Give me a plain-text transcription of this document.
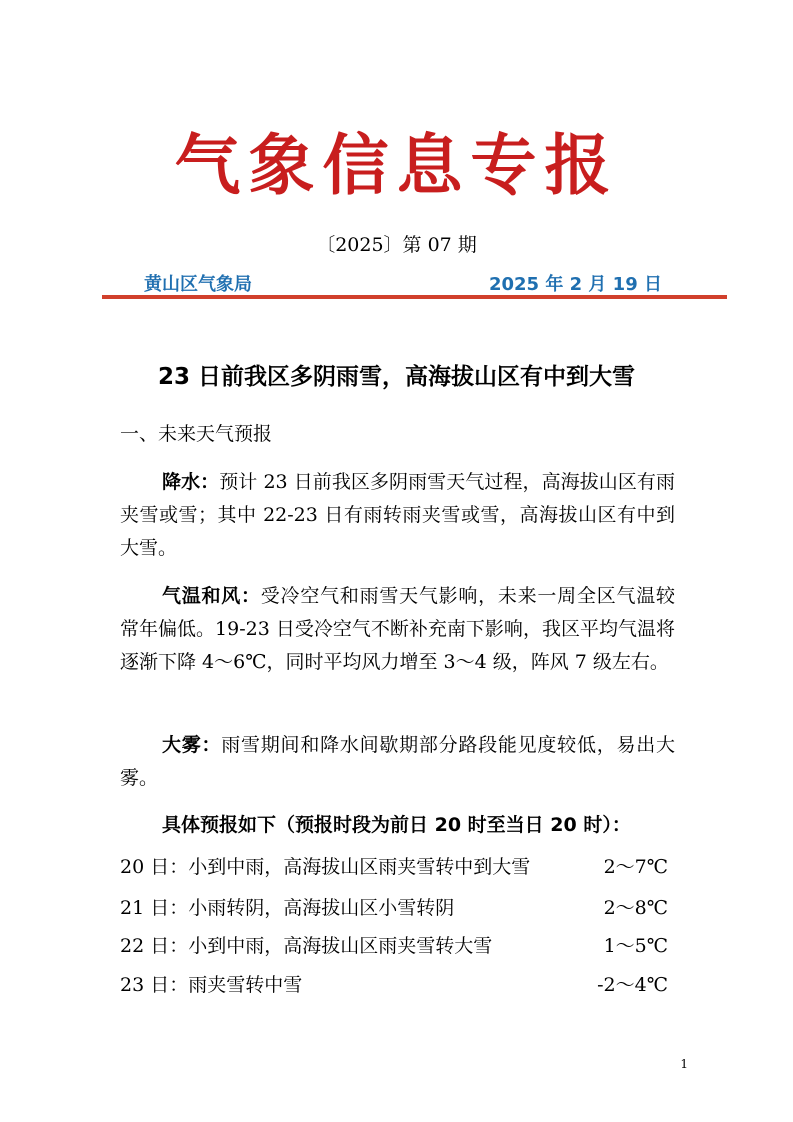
气象信息专报
〔2025〕第 07 期
黄山区气象局	2025 年 2 月 19 日
23 日前我区多阴雨雪，高海拔山区有中到大雪
一、未来天气预报
降水：预计 23 日前我区多阴雨雪天气过程，高海拔山区有雨夹雪或雪；其中 22-23 日有雨转雨夹雪或雪，高海拔山区有中到大雪。
气温和风：受冷空气和雨雪天气影响，未来一周全区气温较常年偏低。19-23 日受冷空气不断补充南下影响，我区平均气温将逐渐下降 4～6℃，同时平均风力增至 3～4 级，阵风 7 级左右。
大雾：雨雪期间和降水间歇期部分路段能见度较低，易出大雾。
具体预报如下（预报时段为前日 20 时至当日 20 时）：
20 日：小到中雨，高海拔山区雨夹雪转中到大雪	2～7℃
21 日：小雨转阴，高海拔山区小雪转阴	2～8℃
22 日：小到中雨，高海拔山区雨夹雪转大雪	1～5℃
23 日：雨夹雪转中雪	-2～4℃
1
